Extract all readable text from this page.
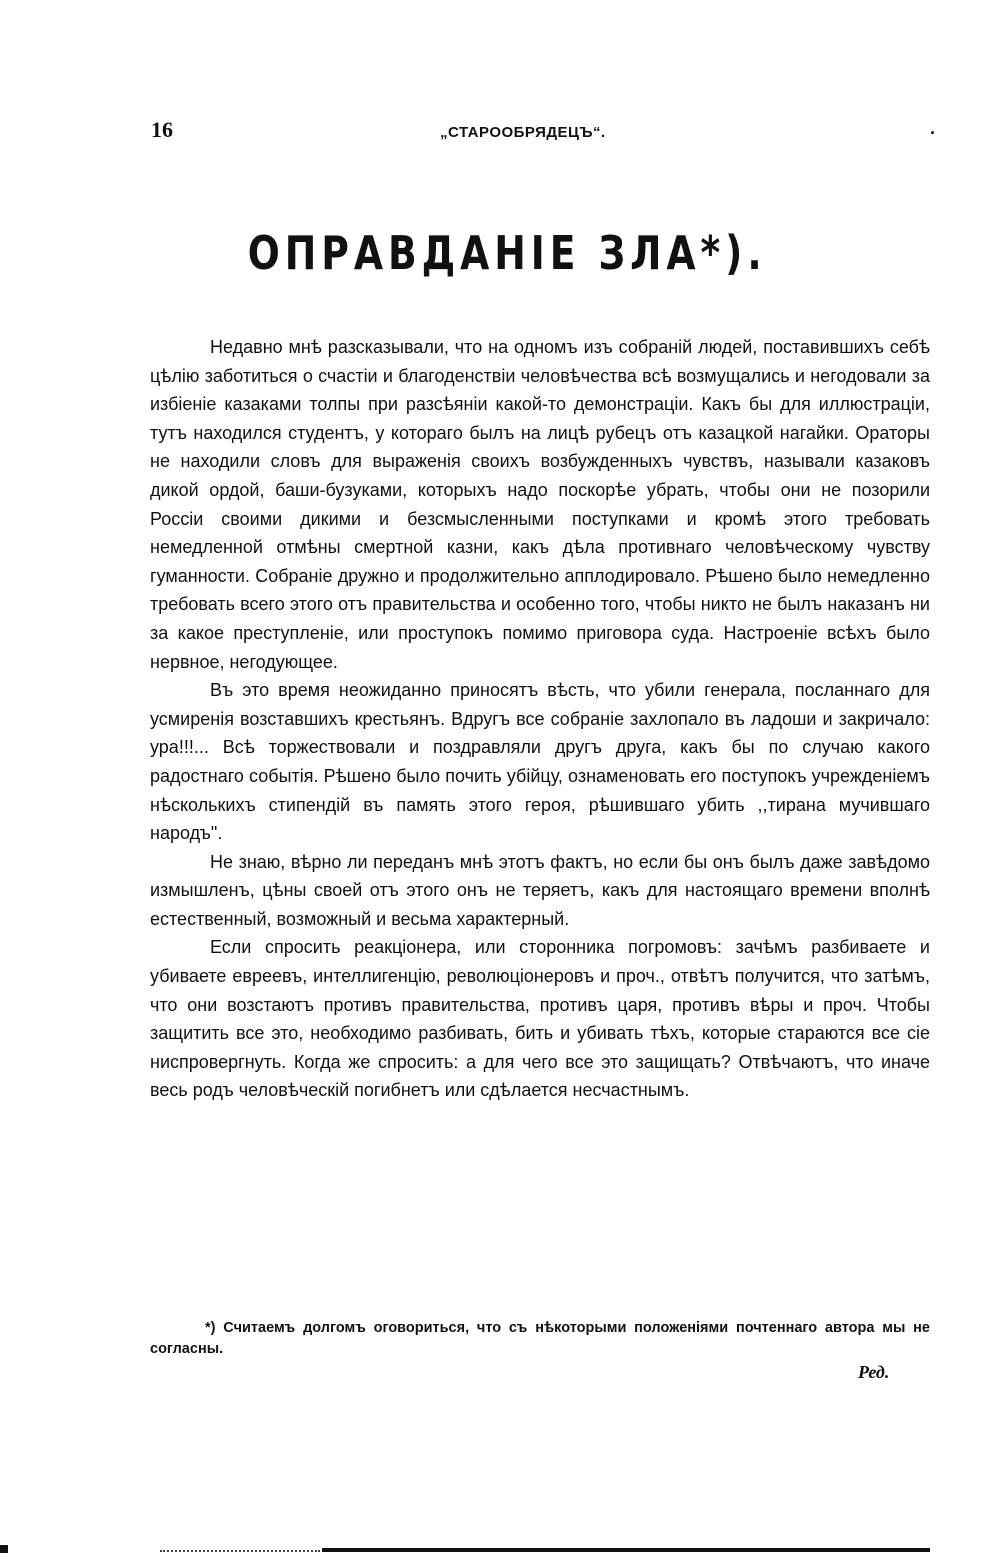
16	„СТАРООБРЯДЕЦЪ“.	.
ОПРАВДАНІЕ ЗЛА*).

Недавно мнѣ разсказывали, что на одномъ изъ собраній людей, поставившихъ себѣ цѣлію заботиться о счастіи и благоденствіи человѣчества всѣ возмущались и негодовали за избіеніе казаками толпы при разсѣяніи какой-то демонстраціи. Какъ бы для иллюстраціи, тутъ находился студентъ, у котораго былъ на лицѣ рубецъ отъ казацкой нагайки. Ораторы не находили словъ для выраженія своихъ возбужденныхъ чувствъ, называли казаковъ дикой ордой, баши-бузуками, которыхъ надо поскорѣе убрать, чтобы они не позорили Россіи своими дикими и безсмысленными поступками и кромѣ этого требовать немедленной отмѣны смертной казни, какъ дѣла противнаго человѣческому чувству гуманности. Собраніе дружно и продолжительно апплодировало. Рѣшено было немедленно требовать всего этого отъ правительства и особенно того, чтобы никто не былъ наказанъ ни за какое преступленіе, или проступокъ помимо приговора суда. Настроеніе всѣхъ было нервное, негодующее.

Въ это время неожиданно приносятъ вѣсть, что убили генерала, посланнаго для усмиренія возставшихъ крестьянъ. Вдругъ все собраніе захлопало въ ладоши и закричало: ура!!!... Всѣ торжествовали и поздравляли другъ друга, какъ бы по случаю какого радостнаго событія. Рѣшено было почить убійцу, ознаменовать его поступокъ учрежденіемъ нѣсколькихъ стипендій въ память этого героя, рѣшившаго убить ,,тирана мучившаго народъ".

Не знаю, вѣрно ли переданъ мнѣ этотъ фактъ, но если бы онъ былъ даже завѣдомо измышленъ, цѣны своей отъ этого онъ не теряетъ, какъ для настоящаго времени вполнѣ естественный, возможный и весьма характерный.

Если спросить реакціонера, или сторонника погромовъ: зачѣмъ разбиваете и убиваете евреевъ, интеллигенцію, революціонеровъ и проч., отвѣтъ получится, что затѣмъ, что они возстаютъ противъ правительства, противъ царя, противъ вѣры и проч. Чтобы защитить все это, необходимо разбивать, бить и убивать тѣхъ, которые стараются все сіе ниспровергнуть. Когда же спросить: а для чего все это защищать? Отвѣчаютъ, что иначе весь родъ человѣческій погибнетъ или сдѣлается несчастнымъ.

*) Считаемъ долгомъ оговориться, что съ нѣкоторыми положеніями почтеннаго автора мы не согласны.
Ред.
